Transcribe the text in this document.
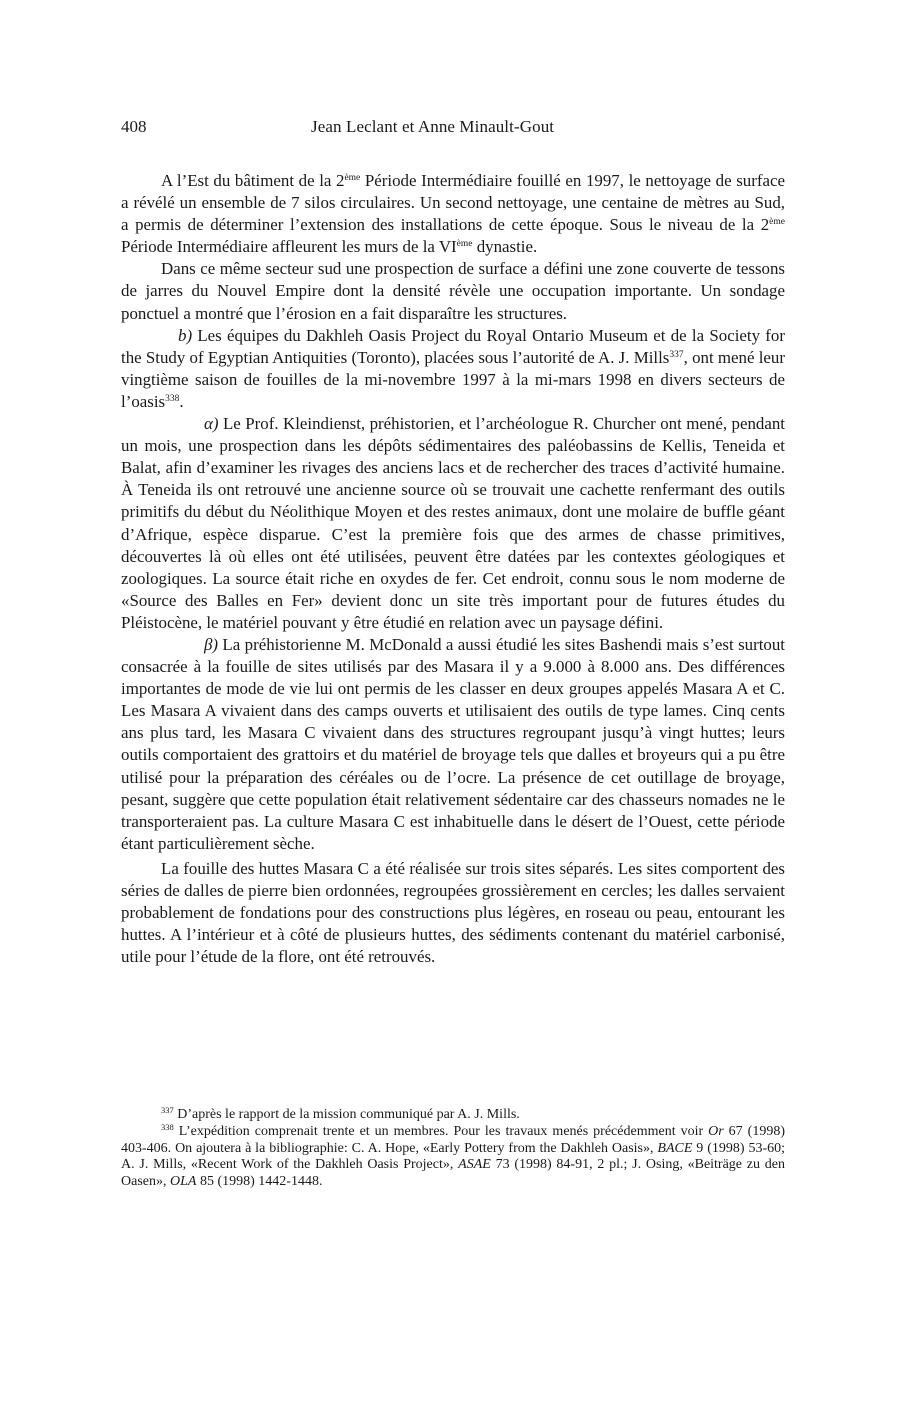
408	Jean Leclant et Anne Minault-Gout

A l’Est du bâtiment de la 2ème Période Intermédiaire fouillé en 1997, le nettoyage de surface a révélé un ensemble de 7 silos circulaires. Un second nettoyage, une centaine de mètres au Sud, a permis de déterminer l’extension des installations de cette époque. Sous le niveau de la 2ème Période Intermédiaire affleurent les murs de la VIème dynastie.

Dans ce même secteur sud une prospection de surface a défini une zone couverte de tessons de jarres du Nouvel Empire dont la densité révèle une occupation importante. Un sondage ponctuel a montré que l’érosion en a fait disparaître les structures.

b) Les équipes du Dakhleh Oasis Project du Royal Ontario Museum et de la Society for the Study of Egyptian Antiquities (Toronto), placées sous l’autorité de A. J. Mills$^{337}$, ont mené leur vingtième saison de fouilles de la mi-novembre 1997 à la mi-mars 1998 en divers secteurs de l’oasis$^{338}$.

α) Le Prof. Kleindienst, préhistorien, et l’archéologue R. Churcher ont mené, pendant un mois, une prospection dans les dépôts sédimentaires des paléobassins de Kellis, Teneida et Balat, afin d’examiner les rivages des anciens lacs et de rechercher des traces d’activité humaine. À Teneida ils ont retrouvé une ancienne source où se trouvait une cachette renfermant des outils primitifs du début du Néolithique Moyen et des restes animaux, dont une molaire de buffle géant d’Afrique, espèce disparue. C’est la première fois que des armes de chasse primitives, découvertes là où elles ont été utilisées, peuvent être datées par les contextes géologiques et zoologiques. La source était riche en oxydes de fer. Cet endroit, connu sous le nom moderne de «Source des Balles en Fer» devient donc un site très important pour de futures études du Pléistocène, le matériel pouvant y être étudié en relation avec un paysage défini.

β) La préhistorienne M. McDonald a aussi étudié les sites Bashendi mais s’est surtout consacrée à la fouille de sites utilisés par des Masara il y a 9.000 à 8.000 ans. Des différences importantes de mode de vie lui ont permis de les classer en deux groupes appelés Masara A et C. Les Masara A vivaient dans des camps ouverts et utilisaient des outils de type lames. Cinq cents ans plus tard, les Masara C vivaient dans des structures regroupant jusqu’à vingt huttes; leurs outils comportaient des grattoirs et du matériel de broyage tels que dalles et broyeurs qui a pu être utilisé pour la préparation des céréales ou de l’ocre. La présence de cet outillage de broyage, pesant, suggère que cette population était relativement sédentaire car des chasseurs nomades ne le transporteraient pas. La culture Masara C est inhabituelle dans le désert de l’Ouest, cette période étant particulièrement sèche.

La fouille des huttes Masara C a été réalisée sur trois sites séparés. Les sites comportent des séries de dalles de pierre bien ordonnées, regroupées grossièrement en cercles; les dalles servaient probablement de fondations pour des constructions plus légères, en roseau ou peau, entourant les huttes. A l’intérieur et à côté de plusieurs huttes, des sédiments contenant du matériel carbonisé, utile pour l’étude de la flore, ont été retrouvés.

$^{337}$ D’après le rapport de la mission communiqué par A. J. Mills.

$^{338}$ L’expédition comprenait trente et un membres. Pour les travaux menés précédemment voir Or 67 (1998) 403-406. On ajoutera à la bibliographie: C. A. Hope, «Early Pottery from the Dakhleh Oasis», BACE 9 (1998) 53-60; A. J. Mills, «Recent Work of the Dakhleh Oasis Project», ASAE 73 (1998) 84-91, 2 pl.; J. Osing, «Beiträge zu den Oasen», OLA 85 (1998) 1442-1448.
